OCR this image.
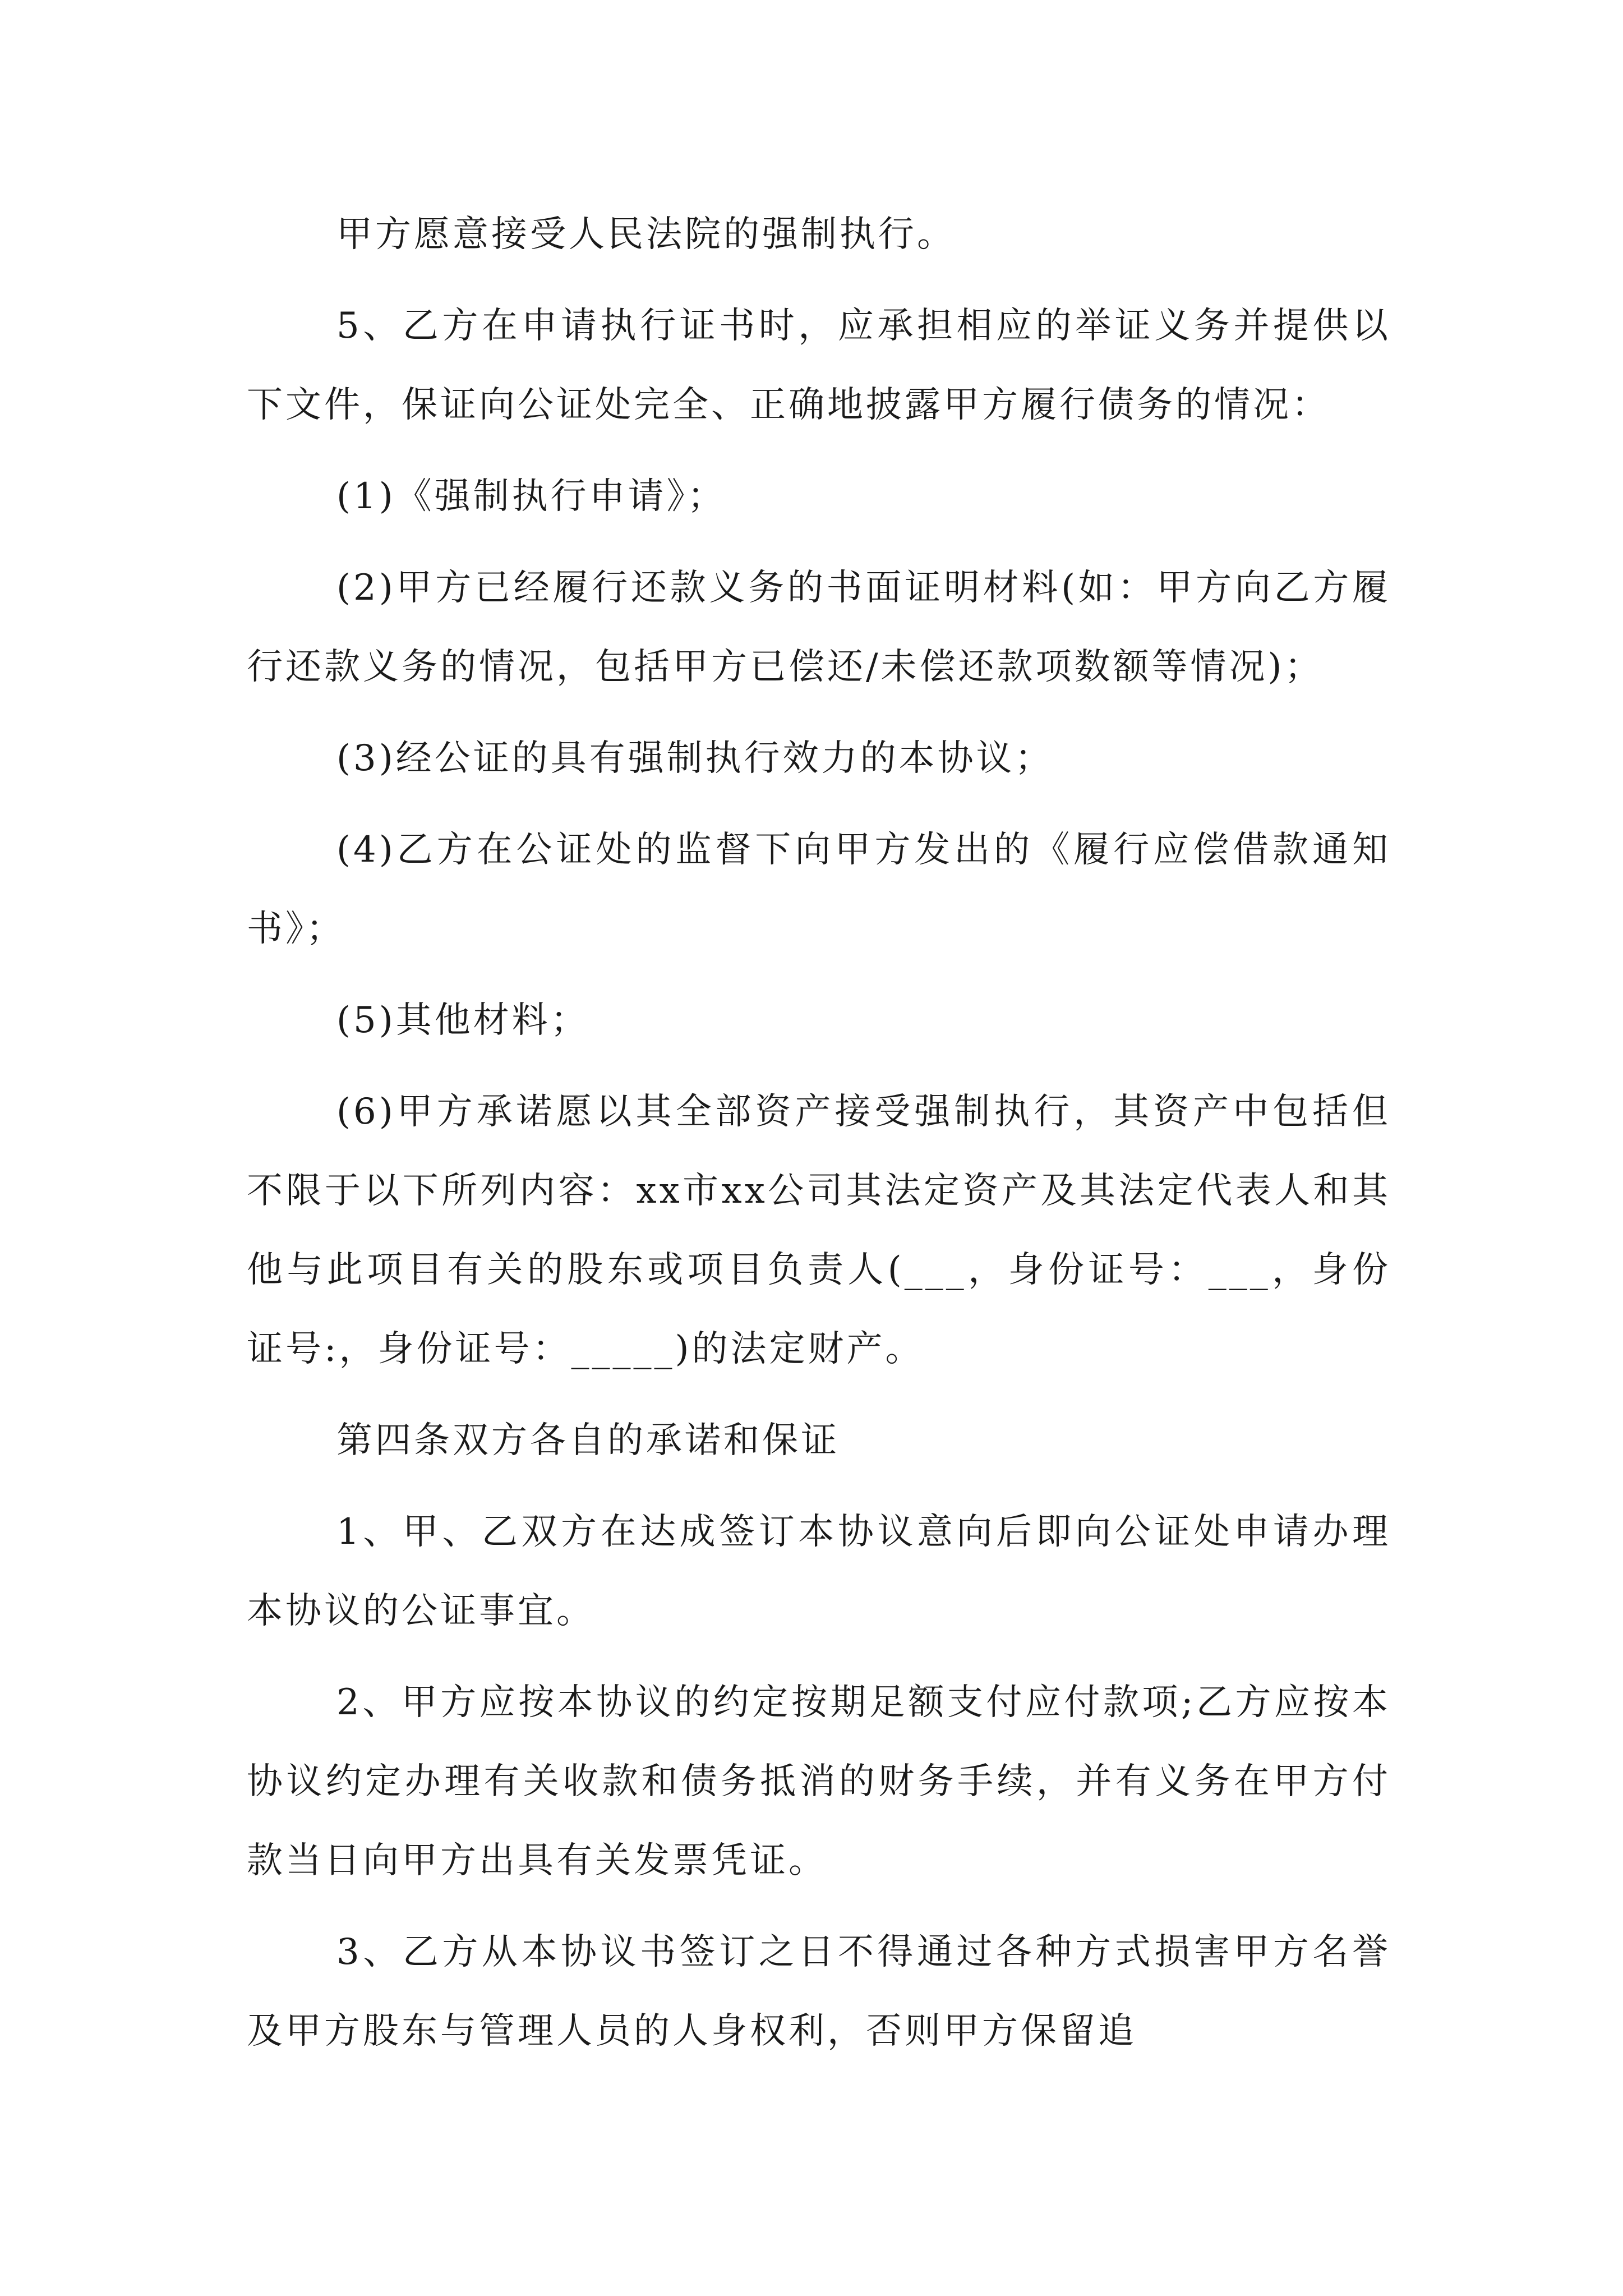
甲方愿意接受人民法院的强制执行。

5、乙方在申请执行证书时，应承担相应的举证义务并提供以下文件，保证向公证处完全、正确地披露甲方履行债务的情况：

(1)《强制执行申请》；

(2)甲方已经履行还款义务的书面证明材料(如：甲方向乙方履行还款义务的情况，包括甲方已偿还/未偿还款项数额等情况)；

(3)经公证的具有强制执行效力的本协议；

(4)乙方在公证处的监督下向甲方发出的《履行应偿借款通知书》；

(5)其他材料；

(6)甲方承诺愿以其全部资产接受强制执行，其资产中包括但不限于以下所列内容：xx市xx公司其法定资产及其法定代表人和其他与此项目有关的股东或项目负责人(___，身份证号：___，身份证号:，身份证号：_____)的法定财产。

第四条双方各自的承诺和保证

1、甲、乙双方在达成签订本协议意向后即向公证处申请办理本协议的公证事宜。

2、甲方应按本协议的约定按期足额支付应付款项;乙方应按本协议约定办理有关收款和债务抵消的财务手续，并有义务在甲方付款当日向甲方出具有关发票凭证。

3、乙方从本协议书签订之日不得通过各种方式损害甲方名誉及甲方股东与管理人员的人身权利，否则甲方保留追
